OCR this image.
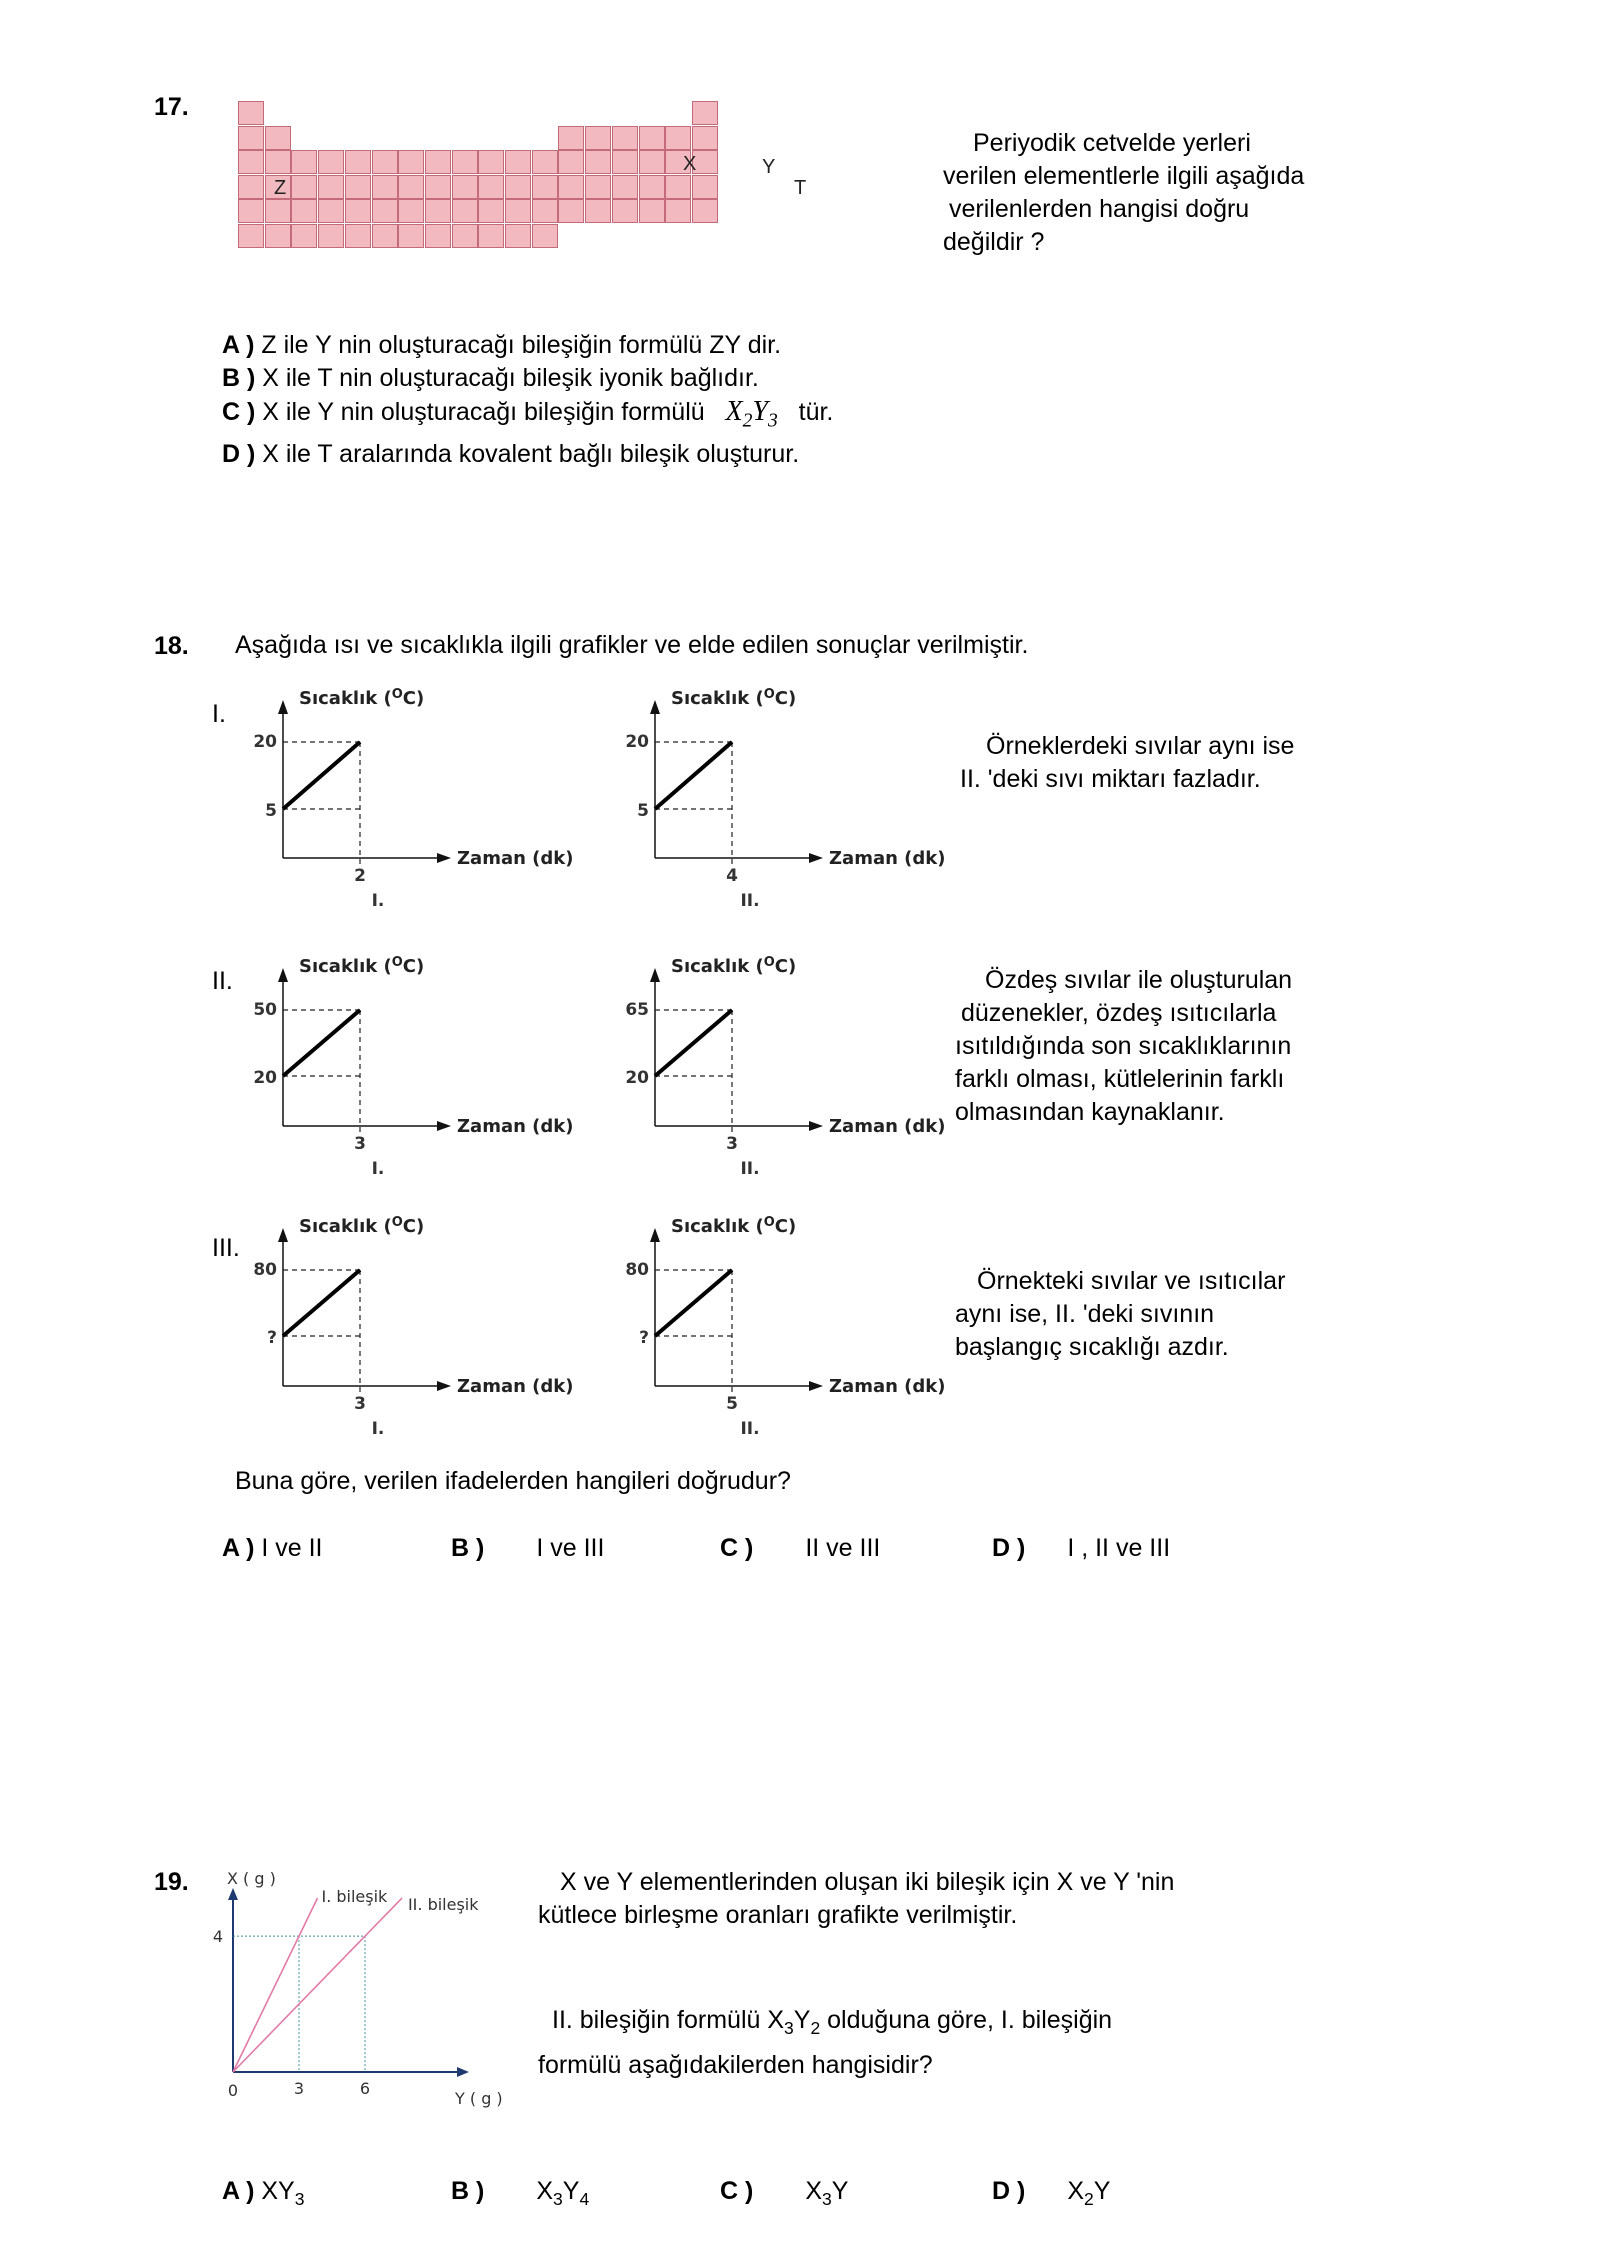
17.
Z
X	Y
T
Periyodik cetvelde yerleri
verilen elementlerle ilgili aşağıda
verilenlerden hangisi doğru
değildir ?
A ) Z ile Y nin oluşturacağı bileşiğin formülü ZY dir.
B ) X ile T nin oluşturacağı bileşik iyonik bağlıdır.
C ) X ile Y nin oluşturacağı bileşiğin formülü $X_2Y_3$ tür.
D ) X ile T aralarında kovalent bağlı bileşik oluşturur.
18. Aşağıda ısı ve sıcaklıkla ilgili grafikler ve elde edilen sonuçlar verilmiştir.
I.
II.
III.
Sıcaklık ($^O$C)
Zaman (dk)
20
5
2
I.
Sıcaklık ($^O$C)
Zaman (dk)
20
5
4
II.
Sıcaklık ($^O$C)
Zaman (dk)
50
20
3
I.
Sıcaklık ($^O$C)
Zaman (dk)
65
20
3
II.
Sıcaklık ($^O$C)
Zaman (dk)
80
?
3
I.
Sıcaklık ($^O$C)
Zaman (dk)
80
?
5
II.
Örneklerdeki sıvılar aynı ise
II. 'deki sıvı miktarı fazladır.
Özdeş sıvılar ile oluşturulan
düzenekler, özdeş ısıtıcılarla
ısıtıldığında son sıcaklıklarının
farklı olması, kütlelerinin farklı
olmasından kaynaklanır.
Örnekteki sıvılar ve ısıtıcılar
aynı ise, II. 'deki sıvının
başlangıç sıcaklığı azdır.
Buna göre, verilen ifadelerden hangileri doğrudur?
A ) I ve II	B ) I ve III	C ) II ve III	D ) I , II ve III
19.
I. bileşik II. bileşik
X ( g )
Y ( g )
4
0	3	6
X ve Y elementlerinden oluşan iki bileşik için X ve Y 'nin
kütlece birleşme oranları grafikte verilmiştir.
II. bileşiğin formülü $X_3Y_2$ olduğuna göre, I. bileşiğin
formülü aşağıdakilerden hangisidir?
A ) $XY_3$	B ) $X_3Y_4$	C ) $X_3Y$	D ) $X_2Y$
